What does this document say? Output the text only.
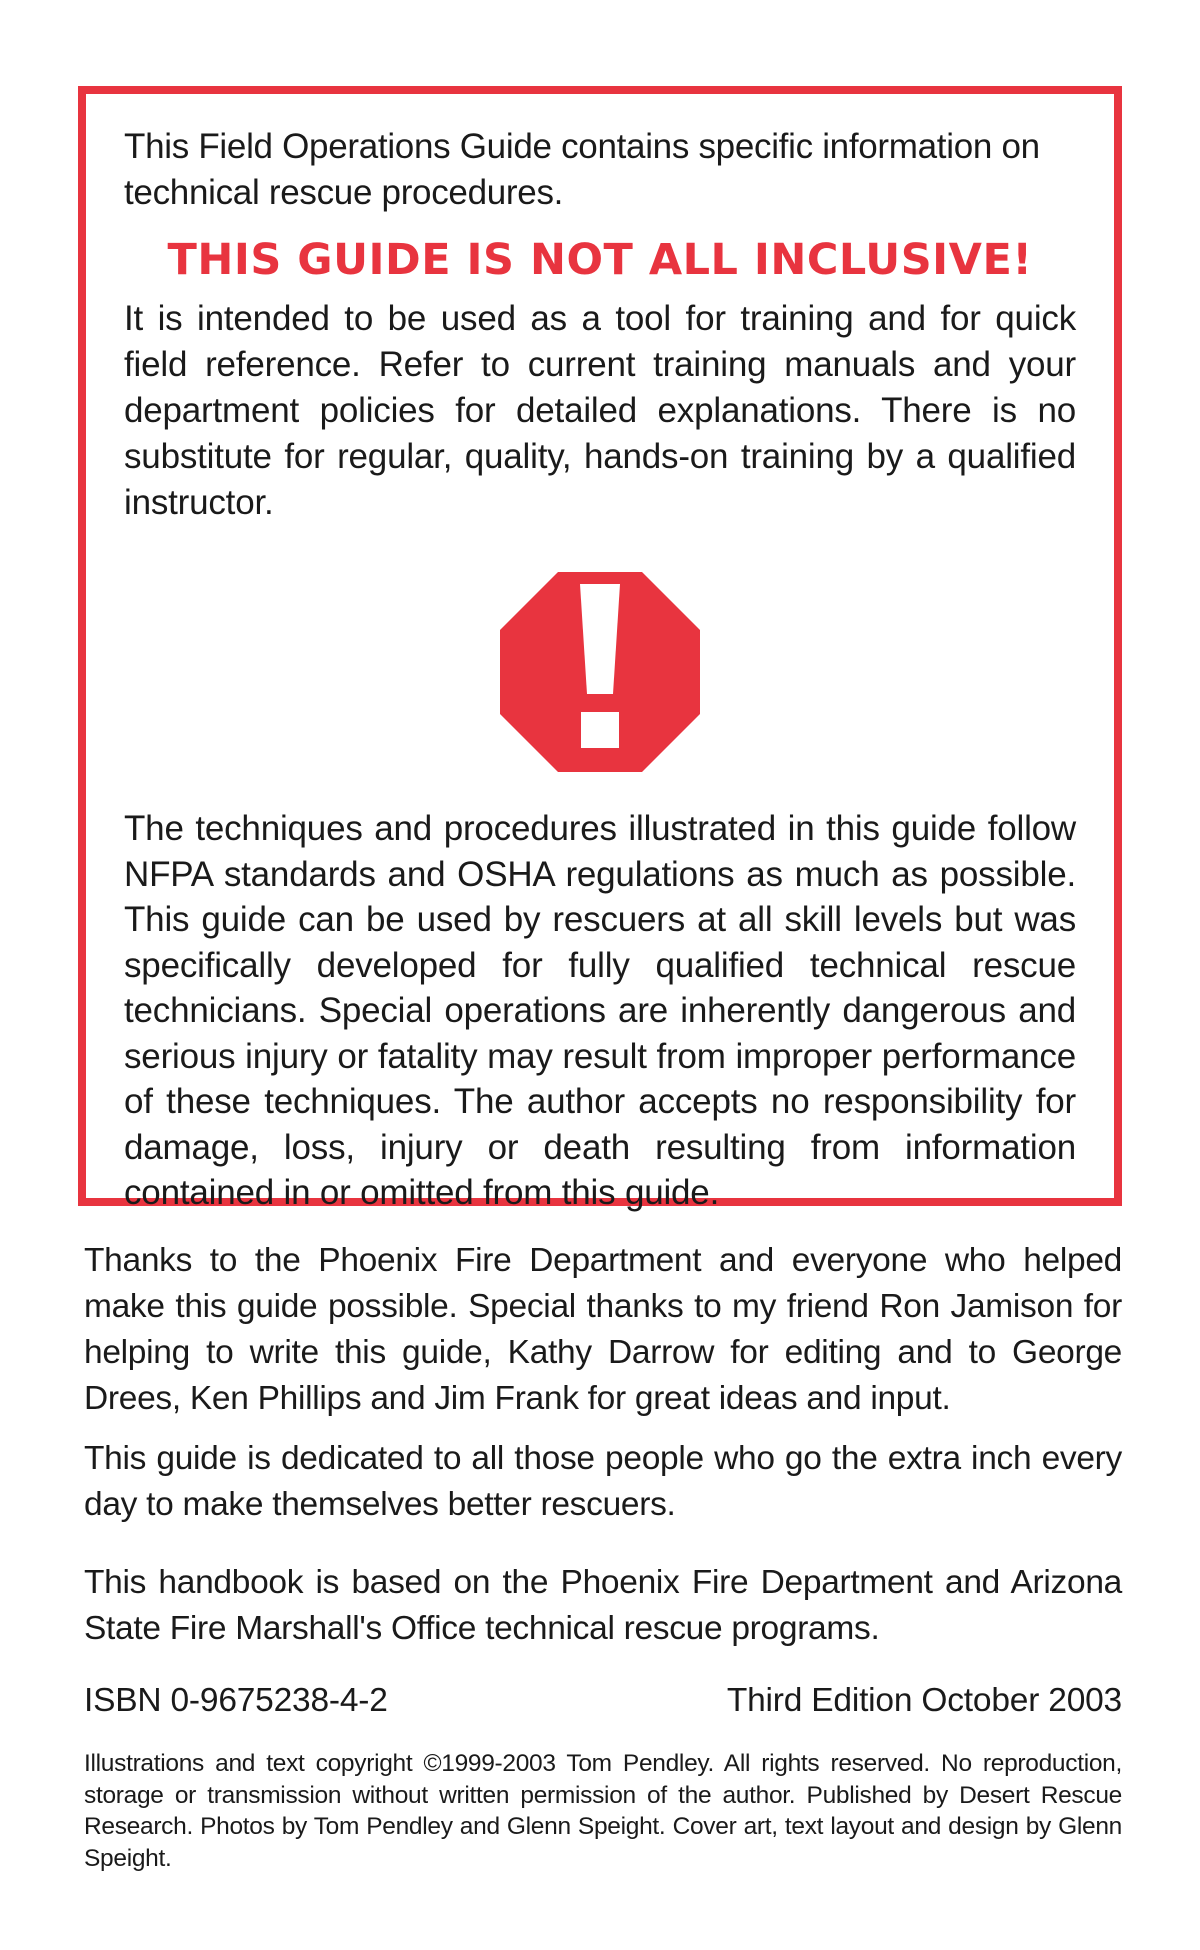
This Field Operations Guide contains specific information on technical rescue procedures.

THIS GUIDE IS NOT ALL INCLUSIVE!

It is intended to be used as a tool for training and for quick field reference. Refer to current training manuals and your department policies for detailed explanations. There is no substitute for regular, quality, hands-on training by a qualified instructor.

The techniques and procedures illustrated in this guide follow NFPA standards and OSHA regulations as much as possible. This guide can be used by rescuers at all skill levels but was specifically developed for fully qualified technical rescue technicians. Special operations are inherently dangerous and serious injury or fatality may result from improper performance of these techniques. The author accepts no responsibility for damage, loss, injury or death resulting from information contained in or omitted from this guide.

Thanks to the Phoenix Fire Department and everyone who helped make this guide possible. Special thanks to my friend Ron Jamison for helping to write this guide, Kathy Darrow for editing and to George Drees, Ken Phillips and Jim Frank for great ideas and input.
This guide is dedicated to all those people who go the extra inch every day to make themselves better rescuers.
This handbook is based on the Phoenix Fire Department and Arizona State Fire Marshall's Office technical rescue programs.
ISBN 0-9675238-4-2	Third Edition October 2003
Illustrations and text copyright ©1999-2003 Tom Pendley. All rights reserved. No reproduction, storage or transmission without written permission of the author. Published by Desert Rescue Research. Photos by Tom Pendley and Glenn Speight. Cover art, text layout and design by Glenn Speight.
